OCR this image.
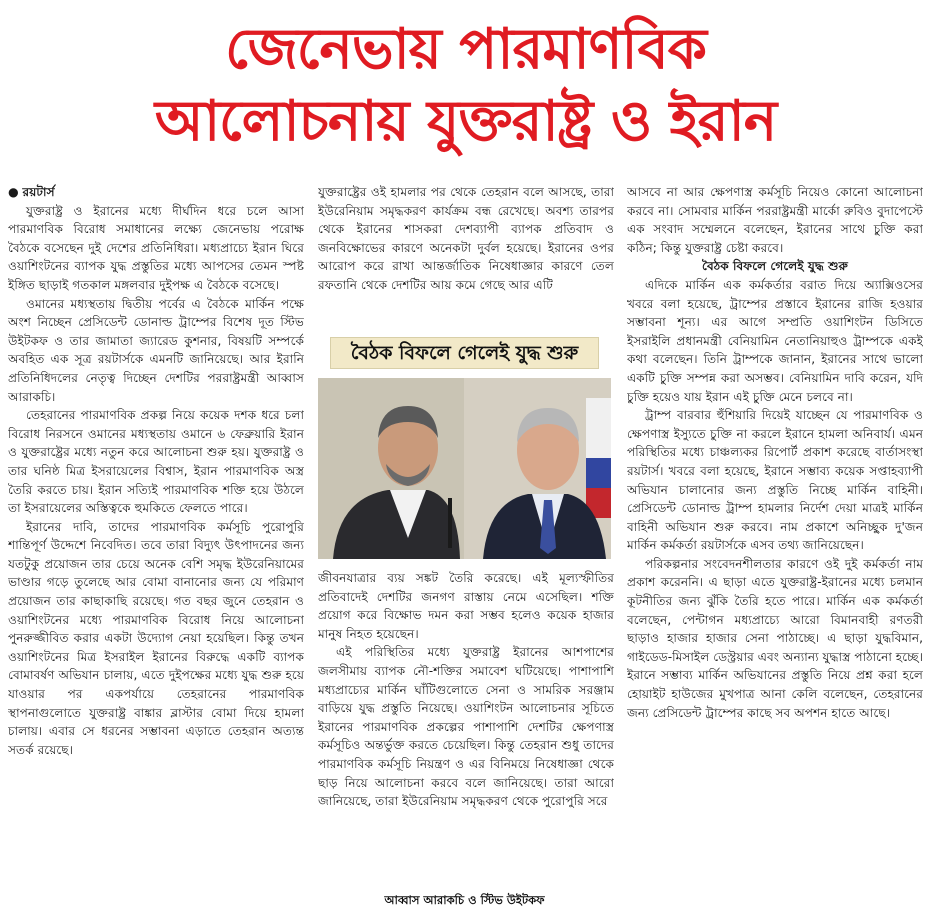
জেনেভায় পারমাণবিক
আলোচনায় যুক্তরাষ্ট্র ও ইরান

● রয়টার্স

যুক্তরাষ্ট্র ও ইরানের মধ্যে দীর্ঘদিন ধরে চলে আসা পারমাণবিক বিরোধ সমাধানের লক্ষ্যে জেনেভায় পরোক্ষ বৈঠকে বসেছেন দুই দেশের প্রতিনিধিরা। মধ্যপ্রাচ্যে ইরান ঘিরে ওয়াশিংটনের ব্যাপক যুদ্ধ প্রস্তুতির মধ্যে আপসের তেমন স্পষ্ট ইঙ্গিত ছাড়াই গতকাল মঙ্গলবার দুইপক্ষ এ বৈঠকে বসেছে।

ওমানের মধ্যস্থতায় দ্বিতীয় পর্বের এ বৈঠকে মার্কিন পক্ষে অংশ নিচ্ছেন প্রেসিডেন্ট ডোনাল্ড ট্রাম্পের বিশেষ দূত স্টিভ উইটকফ ও তার জামাতা জ্যারেড কুশনার, বিষয়টি সম্পর্কে অবহিত এক সূত্র রয়টার্সকে এমনটি জানিয়েছে। আর ইরানি প্রতিনিধিদলের নেতৃত্ব দিচ্ছেন দেশটির পররাষ্ট্রমন্ত্রী আব্বাস আরাকচি।

তেহরানের পারমাণবিক প্রকল্প নিয়ে কয়েক দশক ধরে চলা বিরোধ নিরসনে ওমানের মধ্যস্থতায় ওমানে ৬ ফেব্রুয়ারি ইরান ও যুক্তরাষ্ট্রের মধ্যে নতুন করে আলোচনা শুরু হয়। যুক্তরাষ্ট্র ও তার ঘনিষ্ঠ মিত্র ইসরায়েলের বিশ্বাস, ইরান পারমাণবিক অস্ত্র তৈরি করতে চায়। ইরান সত্যিই পারমাণবিক শক্তি হয়ে উঠলে তা ইসরায়েলের অস্তিত্বকে হুমকিতে ফেলতে পারে।

ইরানের দাবি, তাদের পারমাণবিক কর্মসূচি পুরোপুরি শান্তিপূর্ণ উদ্দেশে নিবেদিত। তবে তারা বিদ্যুৎ উৎপাদনের জন্য যতটুকু প্রয়োজন তার চেয়ে অনেক বেশি সমৃদ্ধ ইউরেনিয়ামের ভাণ্ডার গড়ে তুলেছে আর বোমা বানানোর জন্য যে পরিমাণ প্রয়োজন তার কাছাকাছি রয়েছে। গত বছর জুনে তেহরান ও ওয়াশিংটনের মধ্যে পারমাণবিক বিরোধ নিয়ে আলোচনা পুনরুজ্জীবিত করার একটা উদ্যোগ নেয়া হয়েছিল। কিন্তু তখন ওয়াশিংটনের মিত্র ইসরাইল ইরানের বিরুদ্ধে একটি ব্যাপক বোমাবর্ষণ অভিযান চালায়, এতে দুইপক্ষের মধ্যে যুদ্ধ শুরু হয়ে যাওয়ার পর একপর্যায়ে তেহরানের পারমাণবিক স্থাপনাগুলোতে যুক্তরাষ্ট্র বাঙ্কার ব্লাস্টার বোমা দিয়ে হামলা চালায়। এবার সে ধরনের সম্ভাবনা এড়াতে তেহরান অত্যন্ত সতর্ক রয়েছে।

যুক্তরাষ্ট্রের ওই হামলার পর থেকে তেহরান বলে আসছে, তারা ইউরেনিয়াম সমৃদ্ধকরণ কার্যক্রম বন্ধ রেখেছে। অবশ্য তারপর থেকে ইরানের শাসকরা দেশব্যাপী ব্যাপক প্রতিবাদ ও জনবিক্ষোভের কারণে অনেকটা দুর্বল হয়েছে। ইরানের ওপর আরোপ করে রাখা আন্তর্জাতিক নিষেধাজ্ঞার কারণে তেল রফতানি থেকে দেশটির আয় কমে গেছে আর এটি

জীবনযাত্রার ব্যয় সঙ্কট তৈরি করেছে। এই মূল্যস্ফীতির প্রতিবাদেই দেশটির জনগণ রাস্তায় নেমে এসেছিল। শক্তি প্রয়োগ করে বিক্ষোভ দমন করা সম্ভব হলেও কয়েক হাজার মানুষ নিহত হয়েছেন।

এই পরিস্থিতির মধ্যে যুক্তরাষ্ট্র ইরানের আশপাশের জলসীমায় ব্যাপক নৌ-শক্তির সমাবেশ ঘটিয়েছে। পাশাপাশি মধ্যপ্রাচ্যের মার্কিন ঘাঁটিগুলোতে সেনা ও সামরিক সরঞ্জাম বাড়িয়ে যুদ্ধ প্রস্তুতি নিয়েছে। ওয়াশিংটন আলোচনার সূচিতে ইরানের পারমাণবিক প্রকল্পের পাশাপাশি দেশটির ক্ষেপণাস্ত্র কর্মসূচিও অন্তর্ভুক্ত করতে চেয়েছিল। কিন্তু তেহরান শুধু তাদের পারমাণবিক কর্মসূচি নিয়ন্ত্রণ ও এর বিনিময়ে নিষেধাজ্ঞা থেকে ছাড় নিয়ে আলোচনা করবে বলে জানিয়েছে। তারা আরো জানিয়েছে, তারা ইউরেনিয়াম সমৃদ্ধকরণ থেকে পুরোপুরি সরে

বৈঠক বিফলে গেলেই যুদ্ধ শুরু
আব্বাস আরাকচি ও স্টিভ উইটকফ

আসবে না আর ক্ষেপণাস্ত্র কর্মসূচি নিয়েও কোনো আলোচনা করবে না। সোমবার মার্কিন পররাষ্ট্রমন্ত্রী মার্কো রুবিও বুদাপেস্টে এক সংবাদ সম্মেলনে বলেছেন, ইরানের সাথে চুক্তি করা কঠিন; কিন্তু যুক্তরাষ্ট্র চেষ্টা করবে।

বৈঠক বিফলে গেলেই যুদ্ধ শুরু

এদিকে মার্কিন এক কর্মকর্তার বরাত দিয়ে অ্যাক্সিওসের খবরে বলা হয়েছে, ট্রাম্পের প্রস্তাবে ইরানের রাজি হওয়ার সম্ভাবনা শূন্য। এর আগে সম্প্রতি ওয়াশিংটন ডিসিতে ইসরাইলি প্রধানমন্ত্রী বেনিয়ামিন নেতানিয়াহুও ট্রাম্পকে একই কথা বলেছেন। তিনি ট্রাম্পকে জানান, ইরানের সাথে ভালো একটি চুক্তি সম্পন্ন করা অসম্ভব। বেনিয়ামিন দাবি করেন, যদি চুক্তি হয়েও যায় ইরান এই চুক্তি মেনে চলবে না।

ট্রাম্প বারবার হুঁশিয়ারি দিয়েই যাচ্ছেন যে পারমাণবিক ও ক্ষেপণাস্ত্র ইস্যুতে চুক্তি না করলে ইরানে হামলা অনিবার্য। এমন পরিস্থিতির মধ্যে চাঞ্চল্যকর রিপোর্ট প্রকাশ করেছে বার্তাসংস্থা রয়টার্স। খবরে বলা হয়েছে, ইরানে সম্ভাব্য কয়েক সপ্তাহব্যাপী অভিযান চালানোর জন্য প্রস্তুতি নিচ্ছে মার্কিন বাহিনী। প্রেসিডেন্ট ডোনাল্ড ট্রাম্প হামলার নির্দেশ দেয়া মাত্রই মার্কিন বাহিনী অভিযান শুরু করবে। নাম প্রকাশে অনিচ্ছুক দু'জন মার্কিন কর্মকর্তা রয়টার্সকে এসব তথ্য জানিয়েছেন।

পরিকল্পনার সংবেদনশীলতার কারণে ওই দুই কর্মকর্তা নাম প্রকাশ করেননি। এ ছাড়া এতে যুক্তরাষ্ট্র-ইরানের মধ্যে চলমান কূটনীতির জন্য ঝুঁকি তৈরি হতে পারে। মার্কিন এক কর্মকর্তা বলেছেন, পেন্টাগন মধ্যপ্রাচ্যে আরো বিমানবাহী রণতরী ছাড়াও হাজার হাজার সেনা পাঠাচ্ছে। এ ছাড়া যুদ্ধবিমান, গাইডেড-মিসাইল ডেস্ট্রয়ার এবং অন্যান্য যুদ্ধাস্ত্র পাঠানো হচ্ছে। ইরানে সম্ভাব্য মার্কিন অভিযানের প্রস্তুতি নিয়ে প্রশ্ন করা হলে হোয়াইট হাউজের মুখপাত্র আনা কেলি বলেছেন, তেহরানের জন্য প্রেসিডেন্ট ট্রাম্পের কাছে সব অপশন হাতে আছে।
